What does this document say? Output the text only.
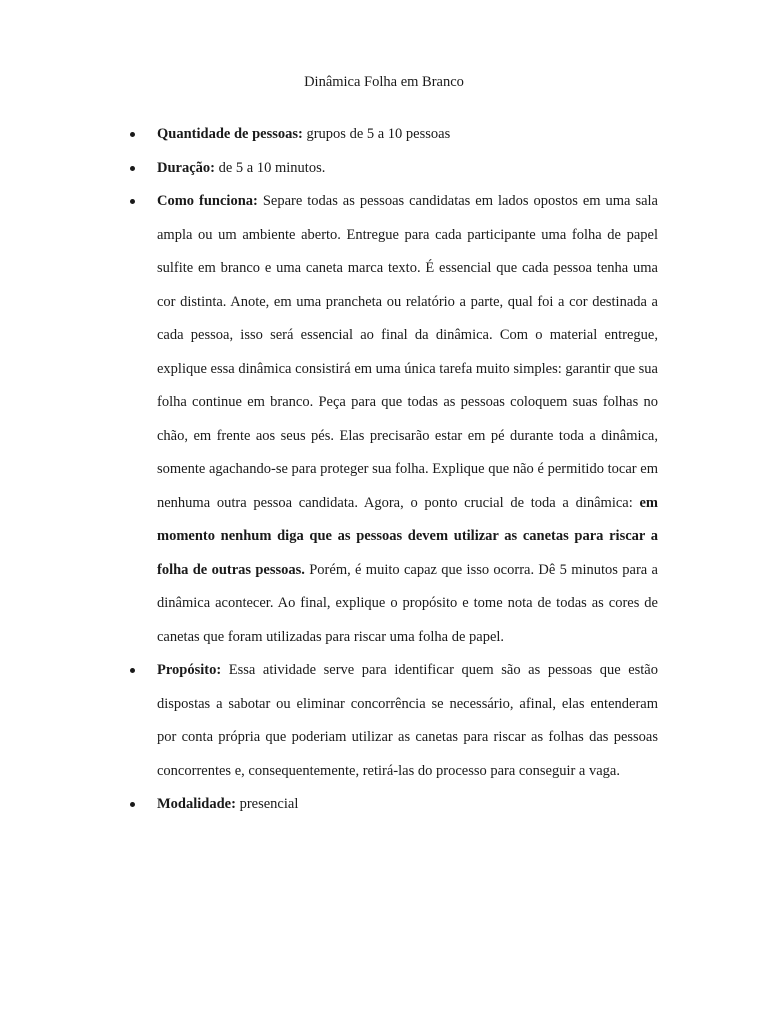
Dinâmica Folha em Branco
Quantidade de pessoas: grupos de 5 a 10 pessoas
Duração: de 5 a 10 minutos.
Como funciona: Separe todas as pessoas candidatas em lados opostos em uma sala ampla ou um ambiente aberto. Entregue para cada participante uma folha de papel sulfite em branco e uma caneta marca texto. É essencial que cada pessoa tenha uma cor distinta. Anote, em uma prancheta ou relatório a parte, qual foi a cor destinada a cada pessoa, isso será essencial ao final da dinâmica. Com o material entregue, explique essa dinâmica consistirá em uma única tarefa muito simples: garantir que sua folha continue em branco. Peça para que todas as pessoas coloquem suas folhas no chão, em frente aos seus pés. Elas precisarão estar em pé durante toda a dinâmica, somente agachando-se para proteger sua folha. Explique que não é permitido tocar em nenhuma outra pessoa candidata. Agora, o ponto crucial de toda a dinâmica: em momento nenhum diga que as pessoas devem utilizar as canetas para riscar a folha de outras pessoas. Porém, é muito capaz que isso ocorra. Dê 5 minutos para a dinâmica acontecer. Ao final, explique o propósito e tome nota de todas as cores de canetas que foram utilizadas para riscar uma folha de papel.
Propósito: Essa atividade serve para identificar quem são as pessoas que estão dispostas a sabotar ou eliminar concorrência se necessário, afinal, elas entenderam por conta própria que poderiam utilizar as canetas para riscar as folhas das pessoas concorrentes e, consequentemente, retirá-las do processo para conseguir a vaga.
Modalidade: presencial
